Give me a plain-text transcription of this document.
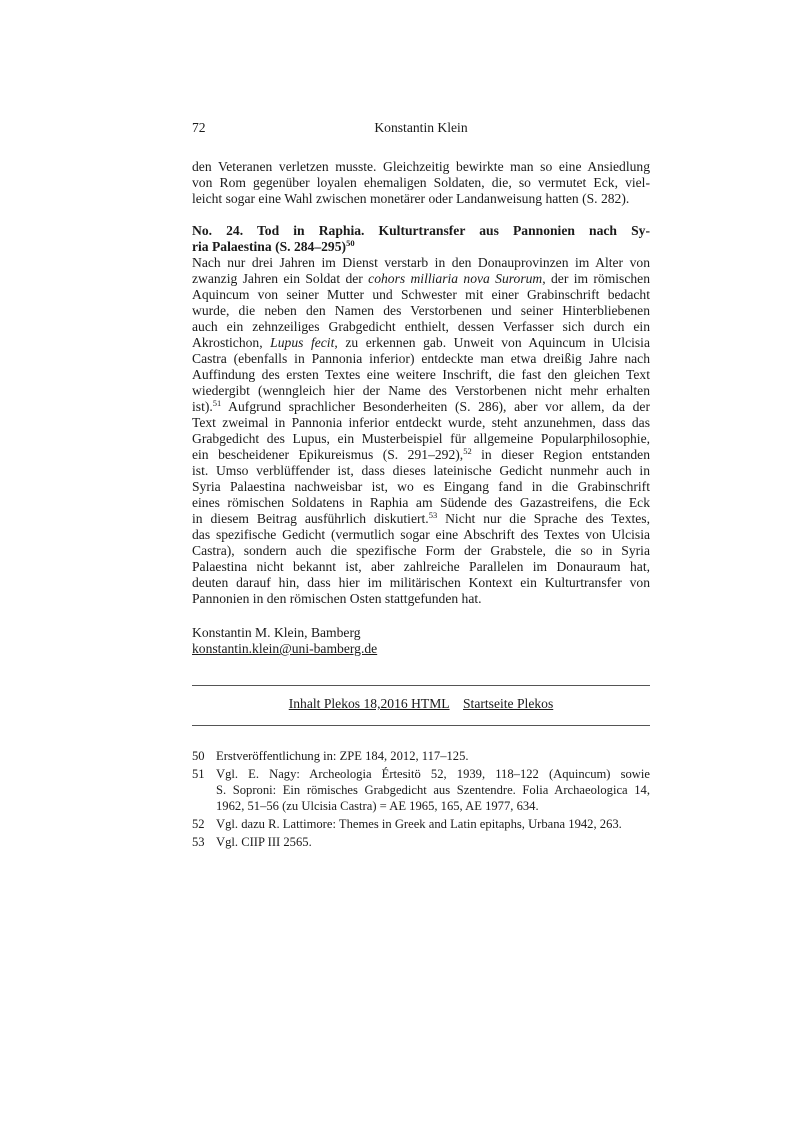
72	Konstantin Klein
den Veteranen verletzen musste. Gleichzeitig bewirkte man so eine Ansiedlung
von Rom gegenüber loyalen ehemaligen Soldaten, die, so vermutet Eck, viel-
leicht sogar eine Wahl zwischen monetärer oder Landanweisung hatten (S. 282).
No. 24. Tod in Raphia. Kulturtransfer aus Pannonien nach Sy-
ria Palaestina (S. 284–295)$^{50}$
Nach nur drei Jahren im Dienst verstarb in den Donauprovinzen im Alter von
zwanzig Jahren ein Soldat der cohors milliaria nova Surorum, der im römischen
Aquincum von seiner Mutter und Schwester mit einer Grabinschrift bedacht
wurde, die neben den Namen des Verstorbenen und seiner Hinterbliebenen
auch ein zehnzeiliges Grabgedicht enthielt, dessen Verfasser sich durch ein
Akrostichon, Lupus fecit, zu erkennen gab. Unweit von Aquincum in Ulcisia
Castra (ebenfalls in Pannonia inferior) entdeckte man etwa dreißig Jahre nach
Auffindung des ersten Textes eine weitere Inschrift, die fast den gleichen Text
wiedergibt (wenngleich hier der Name des Verstorbenen nicht mehr erhalten
ist).$^{51}$ Aufgrund sprachlicher Besonderheiten (S. 286), aber vor allem, da der
Text zweimal in Pannonia inferior entdeckt wurde, steht anzunehmen, dass das
Grabgedicht des Lupus, ein Musterbeispiel für allgemeine Popularphilosophie,
ein bescheidener Epikureismus (S. 291–292),$^{52}$ in dieser Region entstanden
ist. Umso verblüffender ist, dass dieses lateinische Gedicht nunmehr auch in
Syria Palaestina nachweisbar ist, wo es Eingang fand in die Grabinschrift
eines römischen Soldatens in Raphia am Südende des Gazastreifens, die Eck
in diesem Beitrag ausführlich diskutiert.$^{53}$ Nicht nur die Sprache des Textes,
das spezifische Gedicht (vermutlich sogar eine Abschrift des Textes von Ulcisia
Castra), sondern auch die spezifische Form der Grabstele, die so in Syria
Palaestina nicht bekannt ist, aber zahlreiche Parallelen im Donauraum hat,
deuten darauf hin, dass hier im militärischen Kontext ein Kulturtransfer von
Pannonien in den römischen Osten stattgefunden hat.
Konstantin M. Klein, Bamberg
konstantin.klein@uni-bamberg.de
Inhalt Plekos 18,2016 HTML Startseite Plekos
50 Erstveröffentlichung in: ZPE 184, 2012, 117–125.
51 Vgl. E. Nagy: Archeologia Értesitö 52, 1939, 118–122 (Aquincum) sowie
S. Soproni: Ein römisches Grabgedicht aus Szentendre. Folia Archaeologica 14,
1962, 51–56 (zu Ulcisia Castra) = AE 1965, 165, AE 1977, 634.
52 Vgl. dazu R. Lattimore: Themes in Greek and Latin epitaphs, Urbana 1942, 263.
53 Vgl. CIIP III 2565.
